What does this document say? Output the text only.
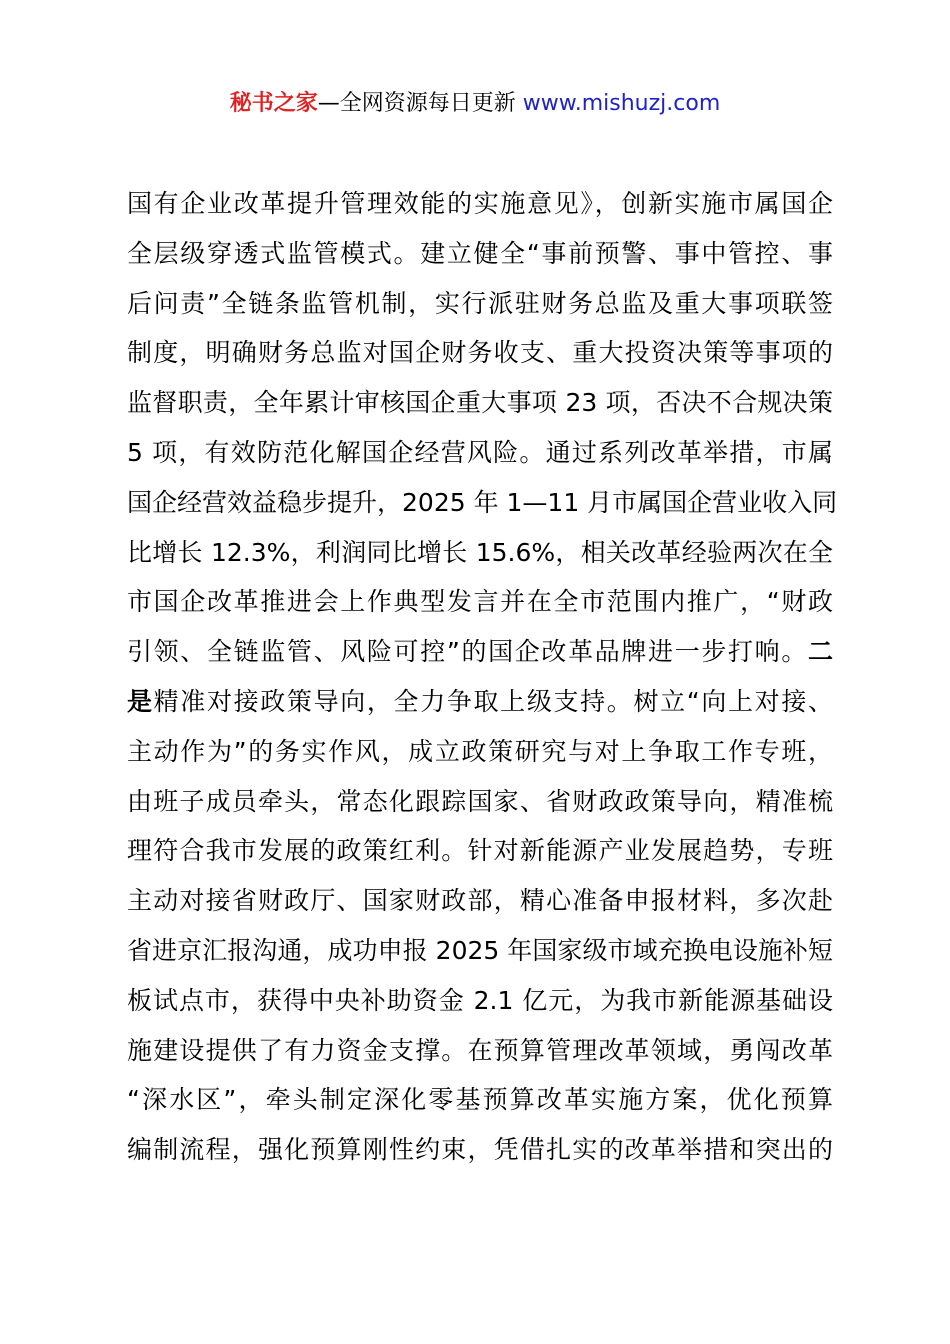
秘书之家—全网资源每日更新 www.mishuzj.com
国有企业改革提升管理效能的实施意见》，创新实施市属国企
全层级穿透式监管模式。建立健全“事前预警、事中管控、事
后问责”全链条监管机制，实行派驻财务总监及重大事项联签
制度，明确财务总监对国企财务收支、重大投资决策等事项的
监督职责，全年累计审核国企重大事项 23 项，否决不合规决策
5 项，有效防范化解国企经营风险。通过系列改革举措，市属
国企经营效益稳步提升，2025 年 1—11 月市属国企营业收入同
比增长 12.3%，利润同比增长 15.6%，相关改革经验两次在全
市国企改革推进会上作典型发言并在全市范围内推广，“财政
引领、全链监管、风险可控”的国企改革品牌进一步打响。二
是精准对接政策导向，全力争取上级支持。树立“向上对接、
主动作为”的务实作风，成立政策研究与对上争取工作专班，
由班子成员牵头，常态化跟踪国家、省财政政策导向，精准梳
理符合我市发展的政策红利。针对新能源产业发展趋势，专班
主动对接省财政厅、国家财政部，精心准备申报材料，多次赴
省进京汇报沟通，成功申报 2025 年国家级市域充换电设施补短
板试点市，获得中央补助资金 2.1 亿元，为我市新能源基础设
施建设提供了有力资金支撑。在预算管理改革领域，勇闯改革
“深水区”，牵头制定深化零基预算改革实施方案，优化预算
编制流程，强化预算刚性约束，凭借扎实的改革举措和突出的
